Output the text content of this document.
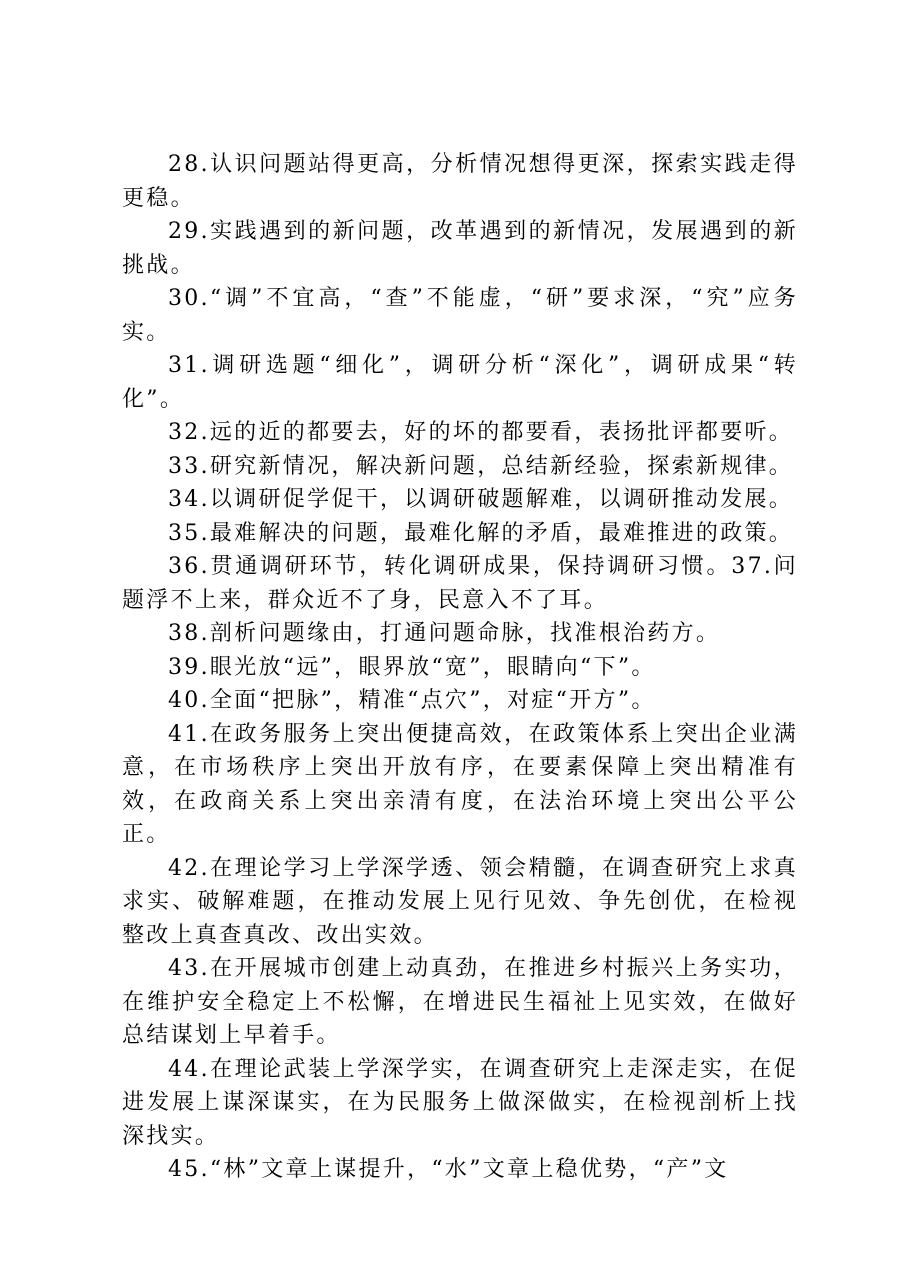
28.认识问题站得更高，分析情况想得更深，探索实践走得更稳。

29.实践遇到的新问题，改革遇到的新情况，发展遇到的新挑战。

30.“调”不宜高，“查”不能虚，“研”要求深，“究”应务实。

31.调研选题“细化”，调研分析“深化”，调研成果“转化”。

32.远的近的都要去，好的坏的都要看，表扬批评都要听。

33.研究新情况，解决新问题，总结新经验，探索新规律。

34.以调研促学促干，以调研破题解难，以调研推动发展。

35.最难解决的问题，最难化解的矛盾，最难推进的政策。

36.贯通调研环节，转化调研成果，保持调研习惯。37.问题浮不上来，群众近不了身，民意入不了耳。

38.剖析问题缘由，打通问题命脉，找准根治药方。

39.眼光放“远”，眼界放“宽”，眼睛向“下”。

40.全面“把脉”，精准“点穴”，对症“开方”。

41.在政务服务上突出便捷高效，在政策体系上突出企业满意，在市场秩序上突出开放有序，在要素保障上突出精准有效，在政商关系上突出亲清有度，在法治环境上突出公平公正。

42.在理论学习上学深学透、领会精髓，在调查研究上求真求实、破解难题，在推动发展上见行见效、争先创优，在检视整改上真查真改、改出实效。

43.在开展城市创建上动真劲，在推进乡村振兴上务实功，在维护安全稳定上不松懈，在增进民生福祉上见实效，在做好总结谋划上早着手。

44.在理论武装上学深学实，在调查研究上走深走实，在促进发展上谋深谋实，在为民服务上做深做实，在检视剖析上找深找实。

45.“林”文章上谋提升，“水”文章上稳优势，“产”文
